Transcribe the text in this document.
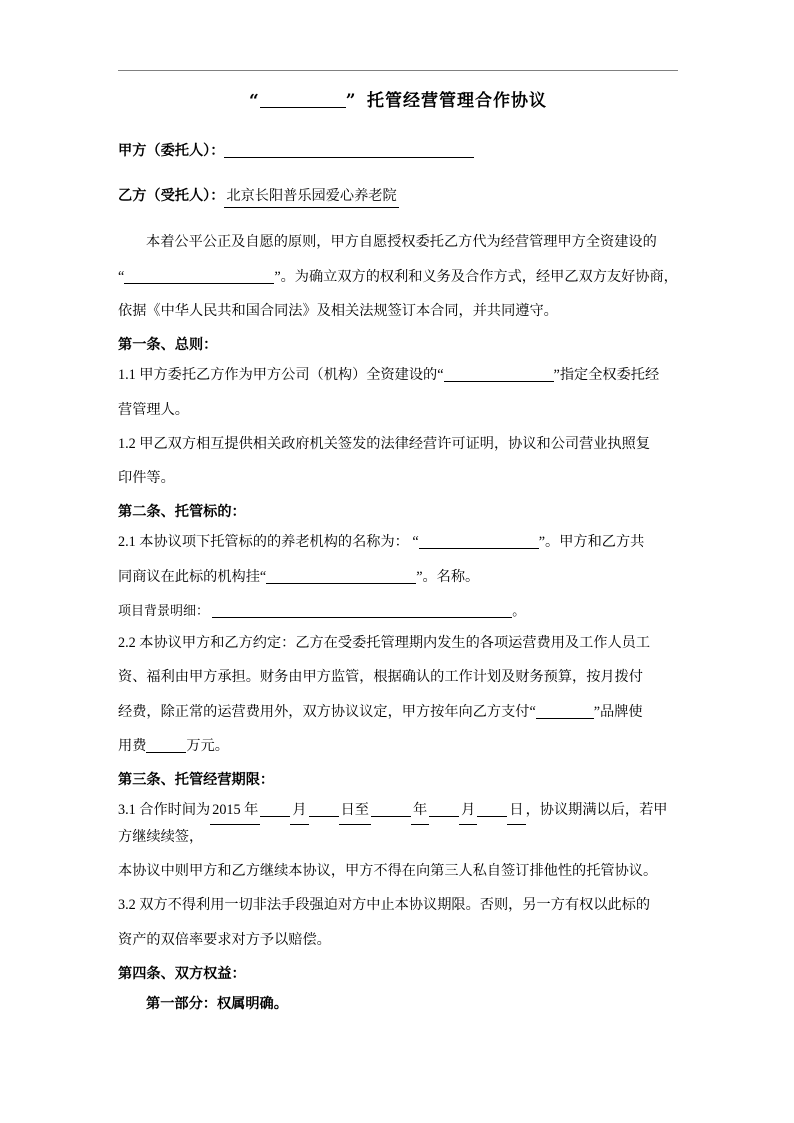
“	” 托管经营管理合作协议
甲方（委托人）：
乙方（受托人）： 北京长阳普乐园爱心养老院

本着公平公正及自愿的原则，甲方自愿授权委托乙方代为经营管理甲方全资建设的

“	”。为确立双方的权利和义务及合作方式，经甲乙双方友好协商，

依据《中华人民共和国合同法》及相关法规签订本合同，并共同遵守。

第一条、总则：

1.1 甲方委托乙方作为甲方公司（机构）全资建设的“	”指定全权委托经

营管理人。

1.2 甲乙双方相互提供相关政府机关签发的法律经营许可证明，协议和公司营业执照复

印件等。

第二条、托管标的：

2.1 本协议项下托管标的的养老机构的名称为： “	”。甲方和乙方共

同商议在此标的机构挂“	”。名称。

项目背景明细：	。

2.2 本协议甲方和乙方约定：乙方在受委托管理期内发生的各项运营费用及工作人员工

资、福利由甲方承担。财务由甲方监管，根据确认的工作计划及财务预算，按月拨付

经费，除正常的运营费用外，双方协议议定，甲方按年向乙方支付“	”品牌使

用费	万元。

第三条、托管经营期限：

3.1 合作时间为 2015 年 月 日至	年 月 日 ，协议期满以后，若甲方继续续签，

本协议中则甲方和乙方继续本协议，甲方不得在向第三人私自签订排他性的托管协议。

3.2 双方不得利用一切非法手段强迫对方中止本协议期限。否则，另一方有权以此标的

资产的双倍率要求对方予以赔偿。

第四条、双方权益：
第一部分：权属明确。
